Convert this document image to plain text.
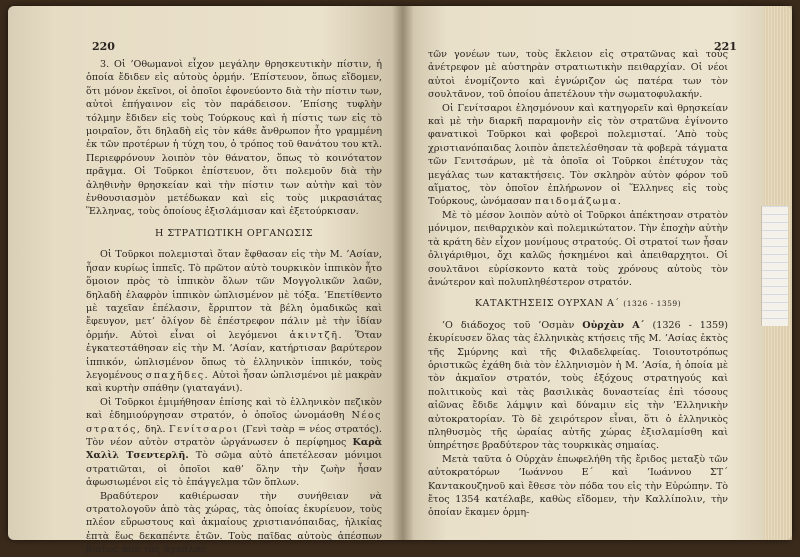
220

3. Οἱ ’Οθωμανοὶ εἶχον μεγάλην θρησκευτικὴν πίστιν, ἡ ὁποία ἔδιδεν εἰς αὐτοὺς ὁρμήν. ’Επίστευον, ὅπως εἴδομεν, ὅτι μόνον ἐκεῖνοι, οἱ ὁποῖοι ἐφονεύοντο διὰ τὴν πίστιν των, αὐτοὶ ἐπήγαινον εἰς τὸν παράδεισον. ’Επίσης τυφλὴν τόλμην ἔδιδεν εἰς τοὺς Τούρκους καὶ ἡ πίστις των εἰς τὸ μοιραῖον, ὅτι δηλαδὴ εἰς τὸν κάθε ἄνθρωπον ἦτο γραμμένη ἐκ τῶν προτέρων ἡ τύχη του, ὁ τρόπος τοῦ θανάτου του κτλ. Περιεφρόνουν λοιπὸν τὸν θάνατον, ὅπως τὸ κοινότατον πρᾶγμα. Οἱ Τοῦρκοι ἐπίστευον, ὅτι πολεμοῦν διὰ τὴν ἀληθινὴν θρησκείαν καὶ τὴν πίστιν των αὐτὴν καὶ τὸν ἐνθουσιασμὸν μετέδωκαν καὶ εἰς τοὺς μικρασιάτας Ἕλληνας, τοὺς ὁποίους ἐξισλάμισαν καὶ ἐξετούρκισαν.

Η ΣΤΡΑΤΙΩΤΙΚΗ ΟΡΓΑΝΩΣΙΣ

Οἱ Τοῦρκοι πολεμισταὶ ὅταν ἔφθασαν εἰς τὴν Μ. ’Ασίαν, ἦσαν κυρίως ἱππεῖς. Τὸ πρῶτον αὐτὸ τουρκικὸν ἱππικὸν ἦτο ὅμοιον πρὸς τὸ ἱππικὸν ὅλων τῶν Μογγολικῶν λαῶν, δηλαδὴ ἐλαφρὸν ἱππικὸν ὡπλισμένον μὲ τόξα. ’Επετίθεντο μὲ ταχεῖαν ἐπέλασιν, ἔρριπτον τὰ βέλη ὁμαδικῶς καὶ ἔφευγον, μετ’ ὀλίγον δὲ ἐπέστρεφον πάλιν μὲ τὴν ἰδίαν ὁρμήν. Αὐτοὶ εἶναι οἱ λεγόμενοι ἀκιντζῆ. Ὅταν ἐγκατεστάθησαν εἰς τὴν Μ. ’Ασίαν, κατήρτισαν βαρύτερον ἱππικόν, ὡπλισμένον ὅπως τὸ ἑλληνικὸν ἱππικόν, τοὺς λεγομένους σπαχῆδες. Αὐτοὶ ἦσαν ὡπλισμένοι μὲ μακρὰν καὶ κυρτὴν σπάθην (γιαταγάνι).

Οἱ Τοῦρκοι ἐμιμήθησαν ἐπίσης καὶ τὸ ἑλληνικὸν πεζικὸν καὶ ἐδημιούργησαν στρατόν, ὁ ὁποῖος ὠνομάσθη Νέος στρατός, δηλ. Γενίτσαροι (Γενὶ τσὰρ = νέος στρατός). Τὸν νέον αὐτὸν στρατὸν ὠργάνωσεν ὁ περίφημος Καρὰ Χαλὶλ Τσεντερλῆ. Τὸ σῶμα αὐτὸ ἀπετέλεσαν μόνιμοι στρατιῶται, οἱ ὁποῖοι καθ’ ὅλην τὴν ζωὴν ἦσαν ἀφωσιωμένοι εἰς τὸ ἐπάγγελμα τῶν ὅπλων.

Βραδύτερον καθιέρωσαν τὴν συνήθειαν νὰ στρατολογοῦν ἀπὸ τὰς χώρας, τὰς ὁποίας ἐκυρίευον, τοὺς πλέον εὔρωστους καὶ ἀκμαίους χριστιανόπαιδας, ἡλικίας ἑπτὰ ἕως δεκαπέντε ἐτῶν. Τοὺς παῖδας αὐτοὺς ἀπέσπων βιαίως ἀπὸ τὰς ἀγκάλας

221

τῶν γονέων των, τοὺς ἔκλειον εἰς στρατῶνας καὶ τοὺς ἀνέτρεφον μὲ αὐστηρὰν στρατιωτικὴν πειθαρχίαν. Οἱ νέοι αὐτοὶ ἐνομίζοντο καὶ ἐγνώριζον ὡς πατέρα των τὸν σουλτᾶνον, τοῦ ὁποίου ἀπετέλουν τὴν σωματοφυλακήν.

Οἱ Γενίτσαροι ἐλησμόνουν καὶ κατηγορεῖν καὶ θρησκείαν καὶ μὲ τὴν διαρκῆ παραμονὴν εἰς τὸν στρατῶνα ἐγίνοντο φανατικοὶ Τοῦρκοι καὶ φοβεροὶ πολεμισταί. ’Απὸ τοὺς χριστιανόπαιδας λοιπὸν ἀπετελέσθησαν τὰ φοβερὰ τάγματα τῶν Γενιτσάρων, μὲ τὰ ὁποῖα οἱ Τοῦρκοι ἐπέτυχον τὰς μεγάλας των κατακτήσεις. Τὸν σκληρὸν αὐτὸν φόρον τοῦ αἵματος, τὸν ὁποῖον ἐπλήρωνον οἱ Ἕλληνες εἰς τοὺς Τούρκους, ὠνόμασαν παιδομάζωμα.

Μὲ τὸ μέσον λοιπὸν αὐτὸ οἱ Τοῦρκοι ἀπέκτησαν στρατὸν μόνιμον, πειθαρχικὸν καὶ πολεμικώτατον. Τὴν ἐποχὴν αὐτὴν τὰ κράτη δὲν εἶχον μονίμους στρατούς. Οἱ στρατοί των ἦσαν ὀλιγάριθμοι, ὄχι καλῶς ἠσκημένοι καὶ ἀπειθαρχητοι. Οἱ σουλτᾶνοι εὑρίσκοντο κατὰ τοὺς χρόνους αὐτοὺς τὸν ἀνώτερον καὶ πολυπληθέστερον στρατόν.

ΚΑΤΑΚΤΗΣΕΙΣ ΟΥΡΧΑΝ Α΄ (1326 - 1359)

’Ο διάδοχος τοῦ ’Οσμὰν Οὐρχὰν Α΄ (1326 - 1359) ἐκυρίευσεν ὅλας τὰς ἑλληνικὰς κτήσεις τῆς Μ. ’Ασίας ἐκτὸς τῆς Σμύρνης καὶ τῆς Φιλαδελφείας. Τοιουτοτρόπως ὁριστικῶς ἐχάθη διὰ τὸν ἑλληνισμὸν ἡ Μ. ’Ασία, ἡ ὁποία μὲ τὸν ἀκμαῖον στρατόν, τοὺς ἐξόχους στρατηγούς καὶ πολιτικοὺς καὶ τὰς βασιλικὰς δυναστείας ἐπὶ τόσους αἰῶνας ἔδιδε λάμψιν καὶ δύναμιν εἰς τὴν ’Ελληνικὴν αὐτοκρατορίαν. Τὸ δὲ χειρότερον εἶναι, ὅτι ὁ ἑλληνικὸς πληθυσμὸς τῆς ὡραίας αὐτῆς χώρας ἐξισλαμίσθη καὶ ὑπηρέτησε βραδύτερον τὰς τουρκικὰς σημαίας.

Μετὰ ταῦτα ὁ Οὐρχὰν ἐπωφελήθη τῆς ἔριδος μεταξὺ τῶν αὐτοκρατόρων ’Ιωάννου Ε΄ καὶ ’Ιωάννου ΣΤ΄ Καντακουζηνοῦ καὶ ἔθεσε τὸν πόδα του εἰς τὴν Εὐρώπην. Τὸ ἔτος 1354 κατέλαβε, καθὼς εἴδομεν, τὴν Καλλίπολιν, τὴν ὁποίαν ἔκαμεν ὁρμη-
